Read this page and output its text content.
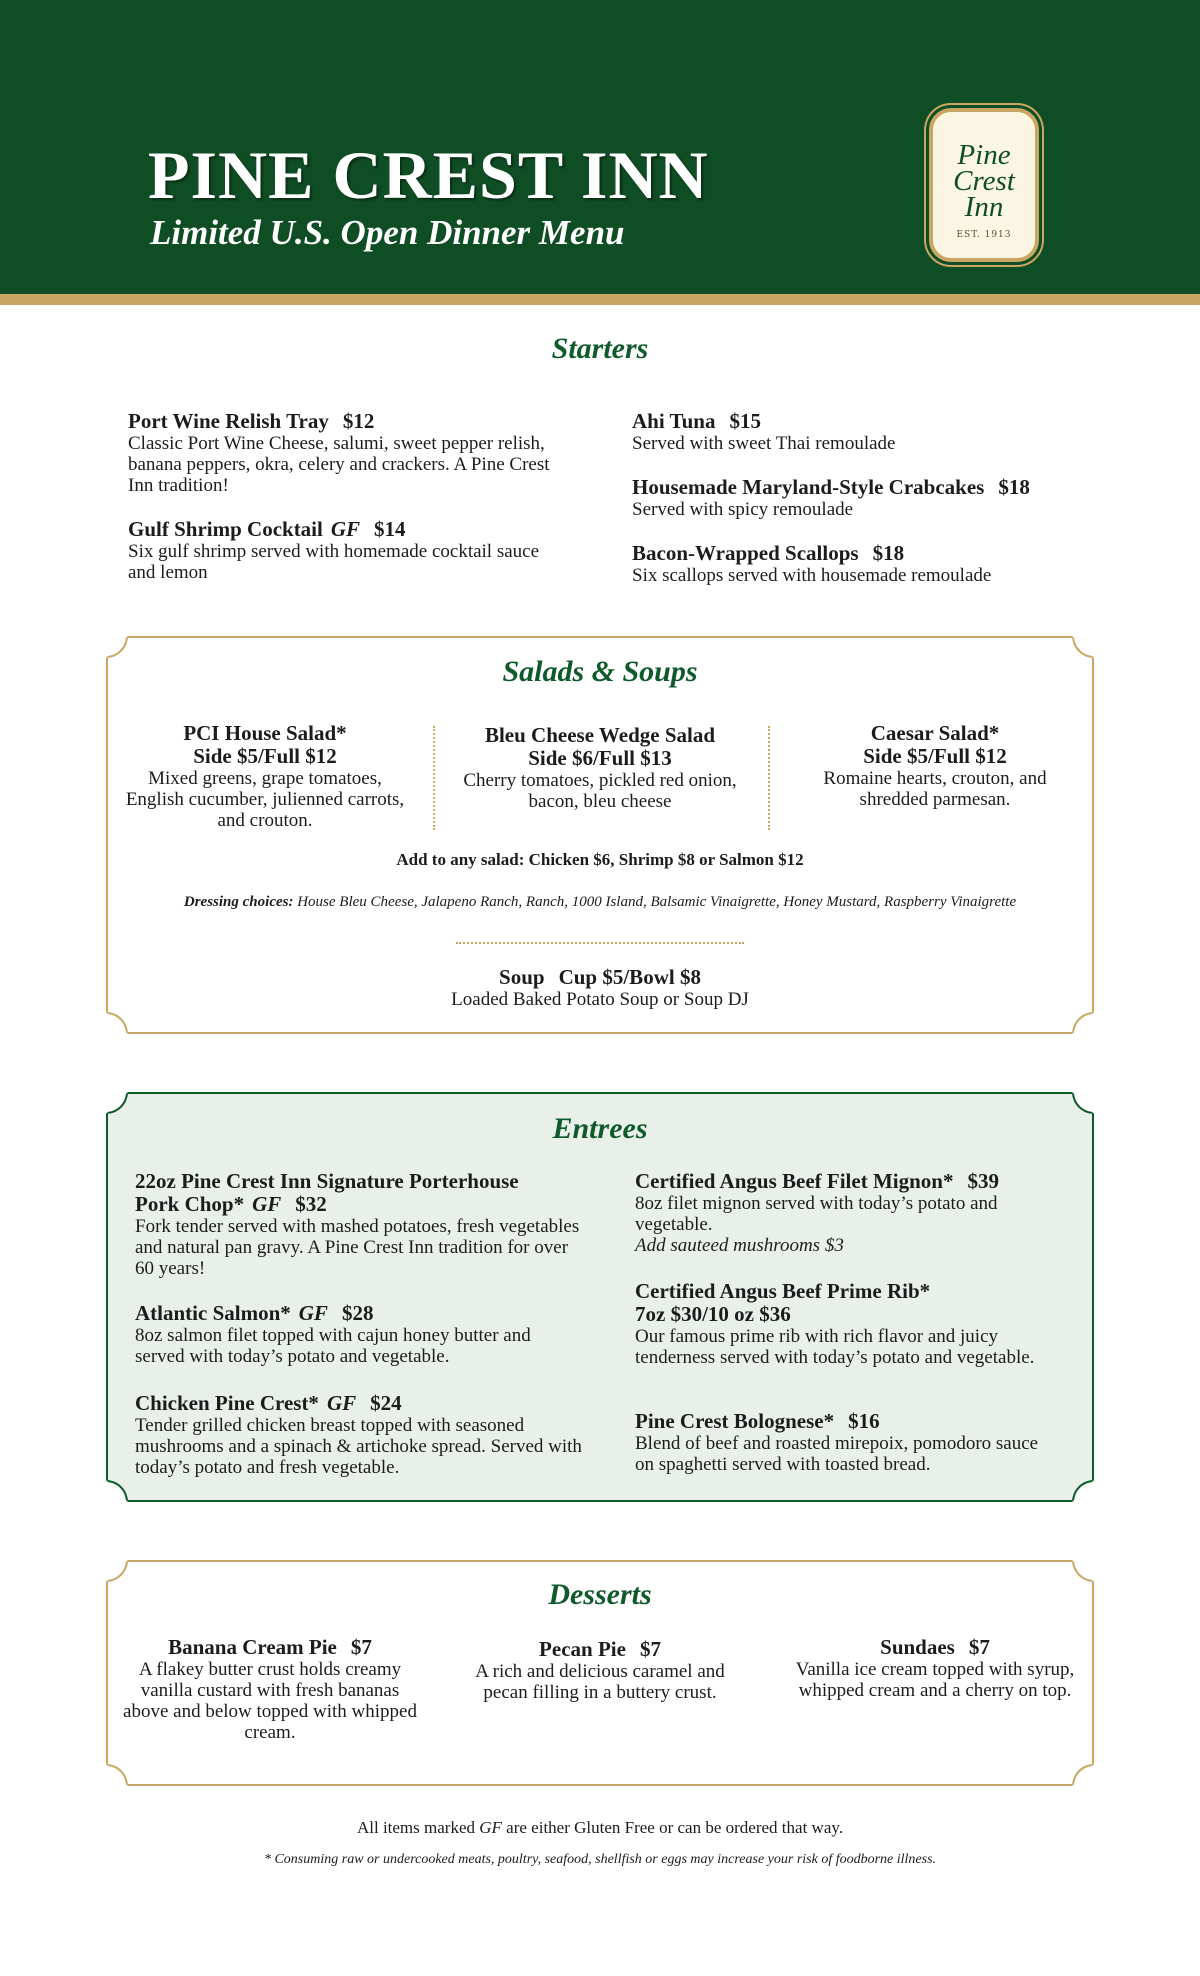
PINE CREST INN
Limited U.S. Open Dinner Menu
Pine
Crest
Inn
EST. 1913
Starters
Port Wine Relish Tray $12
Classic Port Wine Cheese, salumi, sweet pepper relish, banana peppers, okra, celery and crackers. A Pine Crest Inn tradition!
Gulf Shrimp Cocktail GF $14
Six gulf shrimp served with homemade cocktail sauce and lemon
Ahi Tuna $15
Served with sweet Thai remoulade
Housemade Maryland-Style Crabcakes $18
Served with spicy remoulade
Bacon-Wrapped Scallops $18
Six scallops served with housemade remoulade
Salads & Soups
PCI House Salad*
Side $5/Full $12
Mixed greens, grape tomatoes, English cucumber, julienned carrots, and crouton.
Bleu Cheese Wedge Salad
Side $6/Full $13
Cherry tomatoes, pickled red onion, bacon, bleu cheese
Caesar Salad*
Side $5/Full $12
Romaine hearts, crouton, and shredded parmesan.
Add to any salad: Chicken $6, Shrimp $8 or Salmon $12
Dressing choices: House Bleu Cheese, Jalapeno Ranch, Ranch, 1000 Island, Balsamic Vinaigrette, Honey Mustard, Raspberry Vinaigrette
Soup Cup $5/Bowl $8
Loaded Baked Potato Soup or Soup DJ
Entrees
22oz Pine Crest Inn Signature Porterhouse
Pork Chop* GF $32
Fork tender served with mashed potatoes, fresh vegetables and natural pan gravy. A Pine Crest Inn tradition for over 60 years!
Atlantic Salmon* GF $28
8oz salmon filet topped with cajun honey butter and served with today’s potato and vegetable.
Chicken Pine Crest* GF $24
Tender grilled chicken breast topped with seasoned mushrooms and a spinach & artichoke spread. Served with today’s potato and fresh vegetable.
Certified Angus Beef Filet Mignon* $39
8oz filet mignon served with today’s potato and vegetable.
Add sauteed mushrooms $3
Certified Angus Beef Prime Rib*
7oz $30/10 oz $36
Our famous prime rib with rich flavor and juicy tenderness served with today’s potato and vegetable.
Pine Crest Bolognese* $16
Blend of beef and roasted mirepoix, pomodoro sauce on spaghetti served with toasted bread.
Desserts
Banana Cream Pie $7
A flakey butter crust holds creamy vanilla custard with fresh bananas above and below topped with whipped cream.
Pecan Pie $7
A rich and delicious caramel and pecan filling in a buttery crust.
Sundaes $7
Vanilla ice cream topped with syrup, whipped cream and a cherry on top.
All items marked GF are either Gluten Free or can be ordered that way.
* Consuming raw or undercooked meats, poultry, seafood, shellfish or eggs may increase your risk of foodborne illness.
